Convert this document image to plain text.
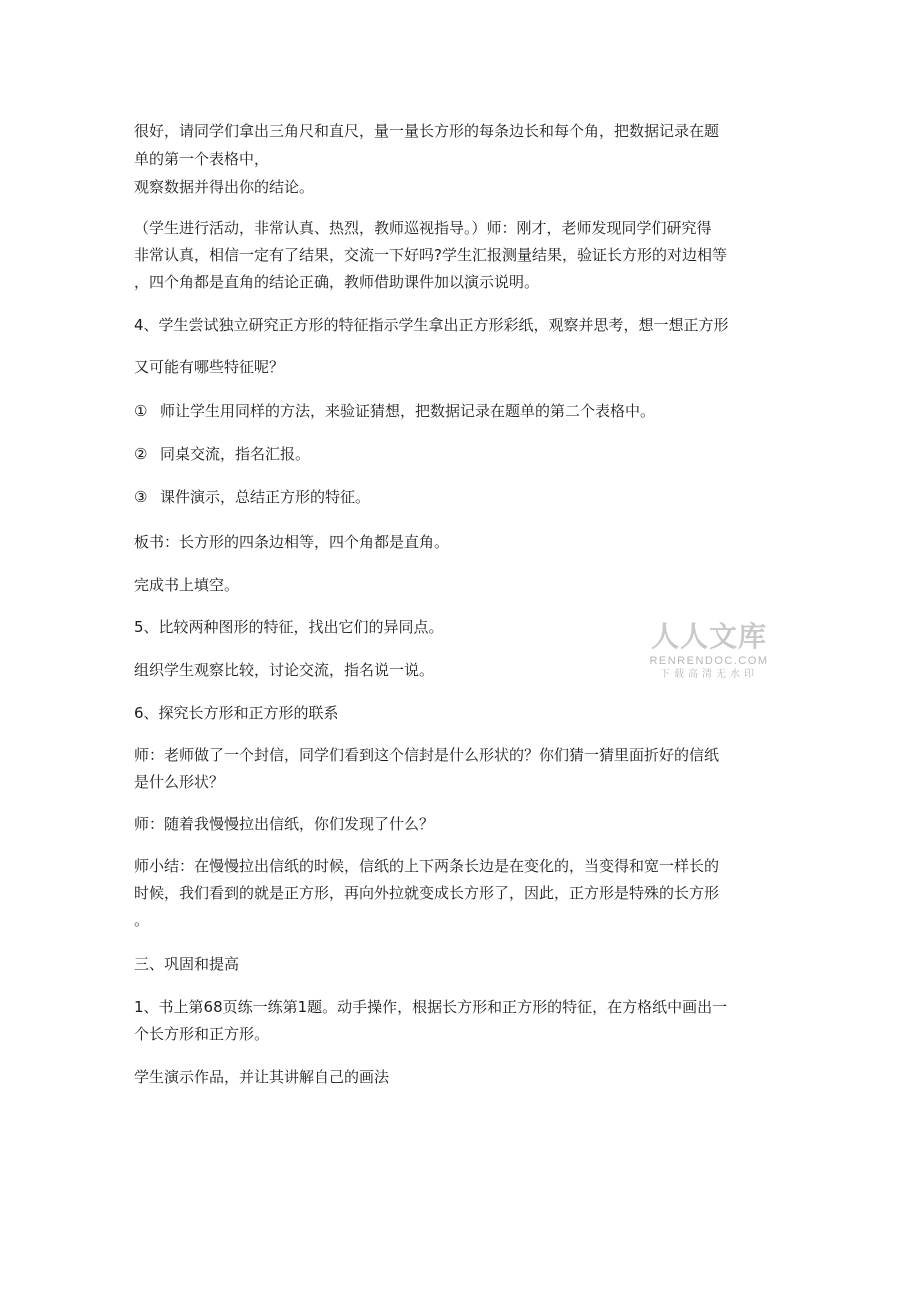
很好，请同学们拿出三角尺和直尺，量一量长方形的每条边长和每个角，把数据记录在题

单的第一个表格中，

观察数据并得出你的结论。

（学生进行活动，非常认真、热烈，教师巡视指导。）师：刚才，老师发现同学们研究得

非常认真，相信一定有了结果，交流一下好吗?学生汇报测量结果，验证长方形的对边相等

，四个角都是直角的结论正确，教师借助课件加以演示说明。

4、学生尝试独立研究正方形的特征指示学生拿出正方形彩纸，观察并思考，想一想正方形

又可能有哪些特征呢？

① 师让学生用同样的方法，来验证猜想，把数据记录在题单的第二个表格中。

② 同桌交流，指名汇报。

③ 课件演示，总结正方形的特征。

板书：长方形的四条边相等，四个角都是直角。

完成书上填空。

5、比较两种图形的特征，找出它们的异同点。

组织学生观察比较，讨论交流，指名说一说。

6、探究长方形和正方形的联系

师：老师做了一个封信，同学们看到这个信封是什么形状的？你们猜一猜里面折好的信纸

是什么形状？

师：随着我慢慢拉出信纸，你们发现了什么？

师小结：在慢慢拉出信纸的时候，信纸的上下两条长边是在变化的，当变得和宽一样长的

时候，我们看到的就是正方形，再向外拉就变成长方形了，因此，正方形是特殊的长方形

。

三、巩固和提高

1、书上第68页练一练第1题。动手操作，根据长方形和正方形的特征，在方格纸中画出一

个长方形和正方形。

学生演示作品，并让其讲解自己的画法

人人文库
RENRENDOC.COM
下载高清无水印
